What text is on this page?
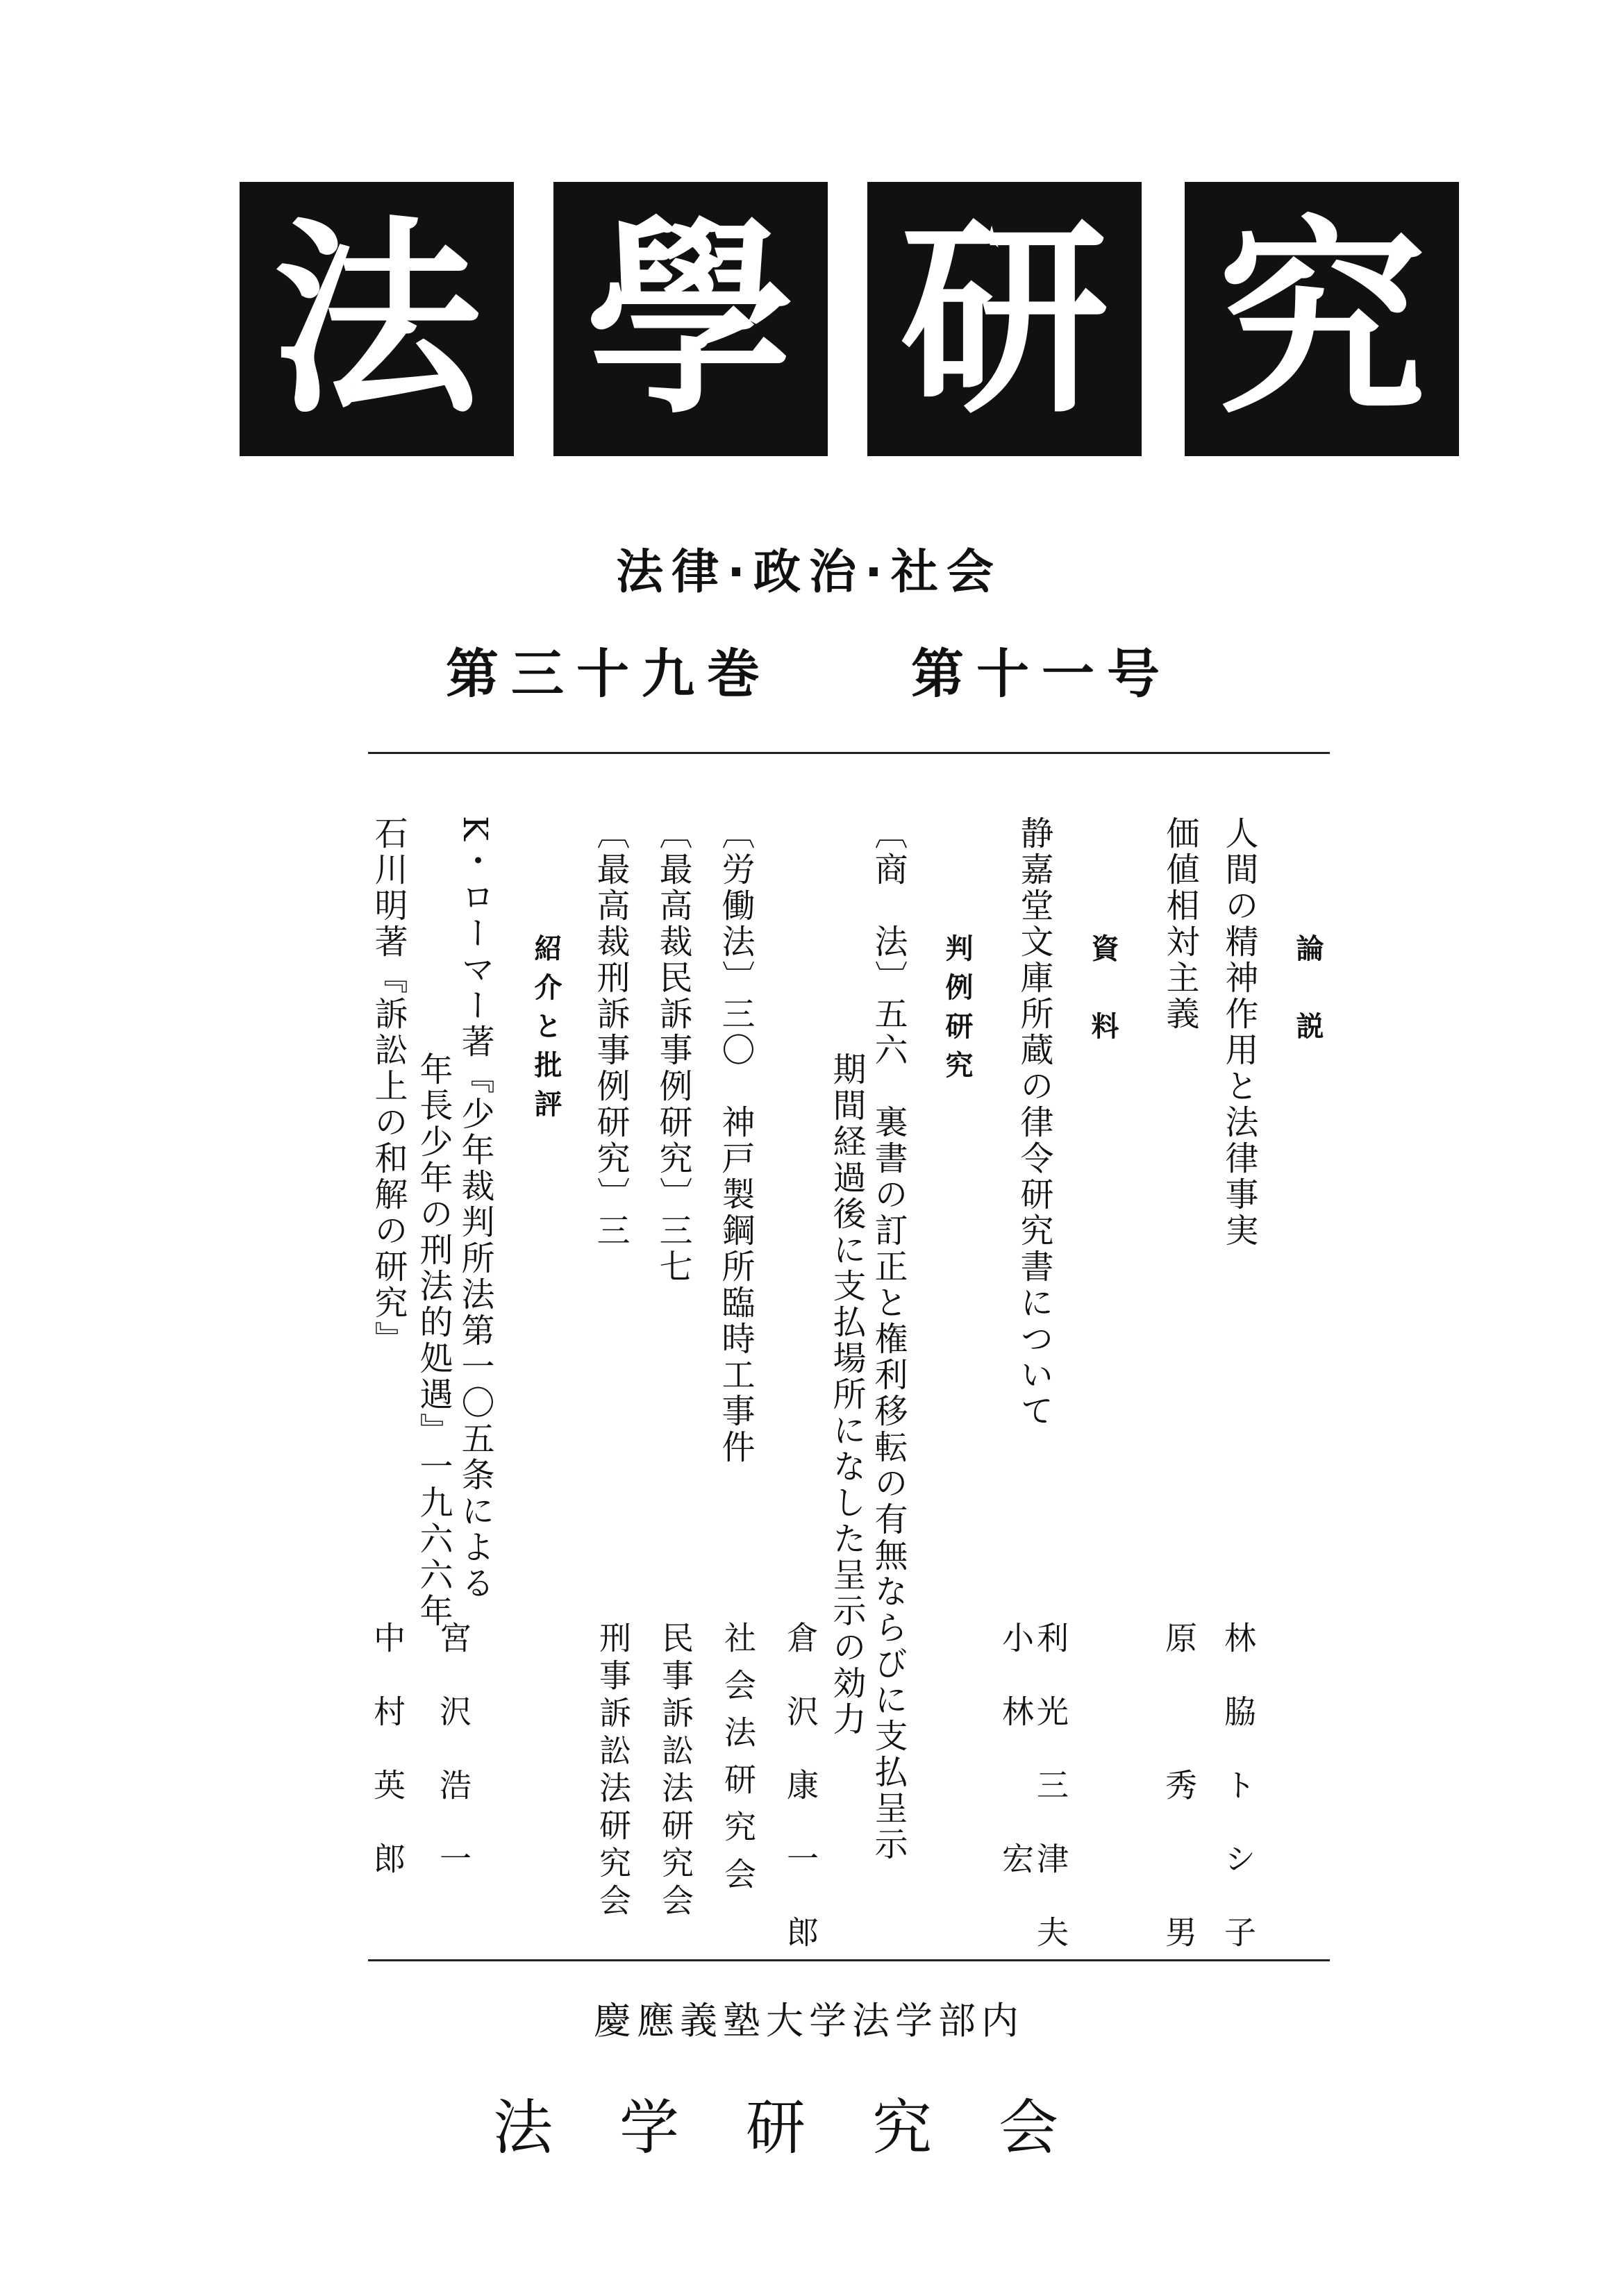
法 學 研 究
法律·政治·社会
第三十九巻	第十一号
論　説
人間の精神作用と法律事実
価値相対主義
資　料
静嘉堂文庫所蔵の律令研究書について
判例研究
〔商　法〕五六　裏書の訂正と権利移転の有無ならびに支払呈示
期間経過後に支払場所になした呈示の効力
〔労働法〕三〇　神戸製鋼所臨時工事件
〔最高裁民訴事例研究〕三七
〔最高裁刑訴事例研究〕三
紹介と批評
K・ローマー著『少年裁判所法第一〇五条による
年長少年の刑法的処遇』一九六六年
石川明著『訴訟上の和解の研究』
林脇トシ子
原　秀　男
利光三津夫
小林　宏
倉沢康一郎
社会法研究会
民事訴訟法研究会
刑事訴訟法研究会
宮沢浩一
中村英郎
慶應義塾大学法学部内
法学研究会
